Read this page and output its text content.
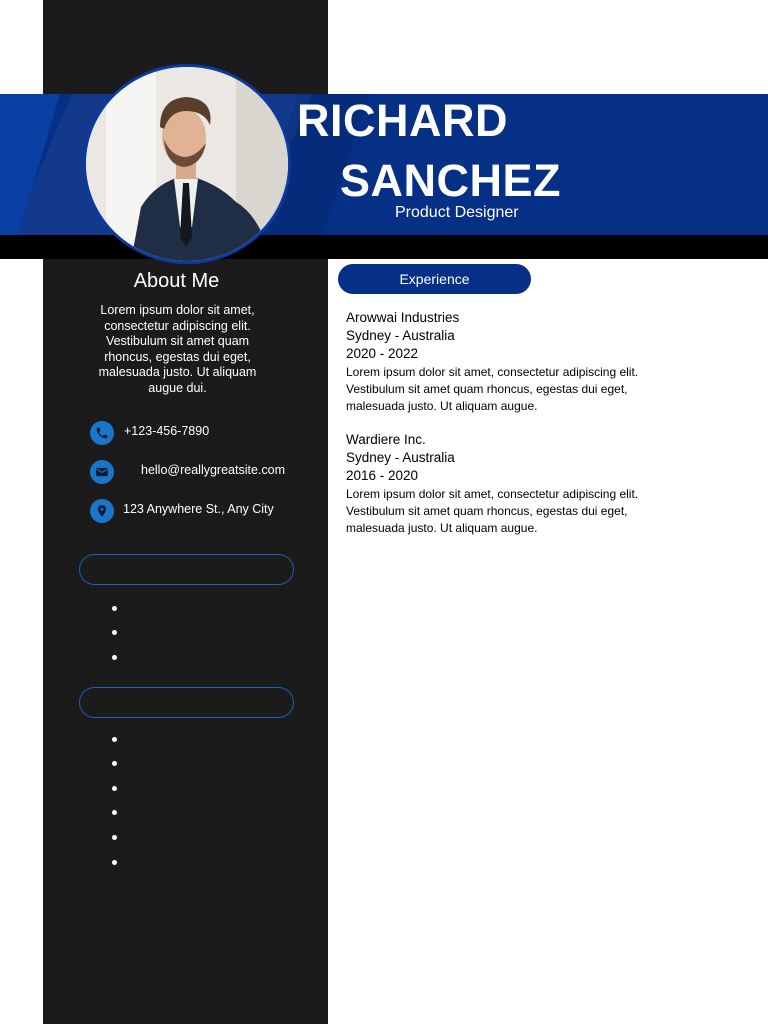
RICHARD
SANCHEZ
Product Designer
About Me
Lorem ipsum dolor sit amet, consectetur adipiscing elit. Vestibulum sit amet quam rhoncus, egestas dui eget, malesuada justo. Ut aliquam augue dui.
+123-456-7890
hello@reallygreatsite.com
123 Anywhere St., Any City
Experience
Arowwai Industries
Sydney - Australia
2020 - 2022
Lorem ipsum dolor sit amet, consectetur adipiscing elit. Vestibulum sit amet quam rhoncus, egestas dui eget, malesuada justo. Ut aliquam augue.
Wardiere Inc.
Sydney - Australia
2016 - 2020
Lorem ipsum dolor sit amet, consectetur adipiscing elit. Vestibulum sit amet quam rhoncus, egestas dui eget, malesuada justo. Ut aliquam augue.
